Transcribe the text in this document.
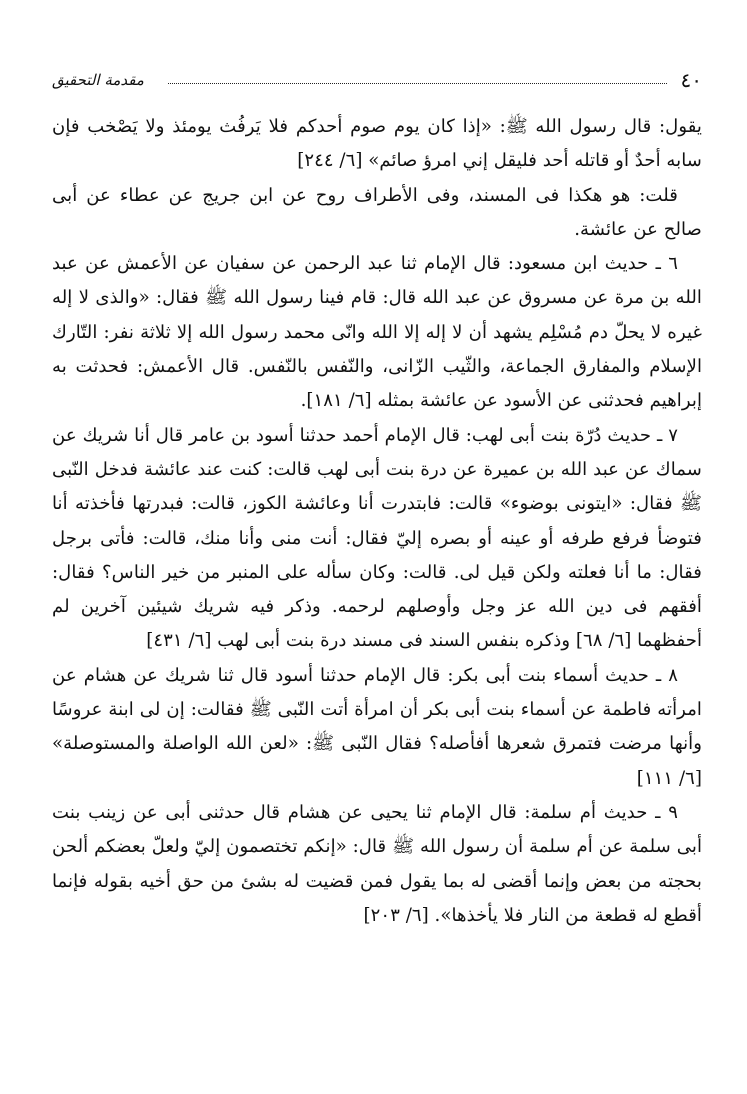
٤٠
مقدمة التحقيق

يقول: قال رسول الله ﷺ: «إذا كان يوم صوم أحدكم فلا يَرفُث يومئذ ولا يَصْخب فإن سابه أحدٌ أو قاتله أحد فليقل إني امرؤ صائم» [٦/ ٢٤٤]

قلت: هو هكذا فى المسند، وفى الأطراف روح عن ابن جريج عن عطاء عن أبى صالح عن عائشة.

٦ ـ حديث ابن مسعود: قال الإمام ثنا عبد الرحمن عن سفيان عن الأعمش عن عبد الله بن مرة عن مسروق عن عبد الله قال: قام فينا رسول الله ﷺ فقال: «والذى لا إله غيره لا يحلّ دم مُسْلِم يشهد أن لا إله إلا الله وانّى محمد رسول الله إلا ثلاثة نفر: التّارك الإسلام والمفارق الجماعة، والثّيب الزّانى، والنّفس بالنّفس. قال الأعمش: فحدثت به إبراهيم فحدثنى عن الأسود عن عائشة بمثله [٦/ ١٨١].

٧ ـ حديث دُرّة بنت أبى لهب: قال الإمام أحمد حدثنا أسود بن عامر قال أنا شريك عن سماك عن عبد الله بن عميرة عن درة بنت أبى لهب قالت: كنت عند عائشة فدخل النّبى ﷺ فقال: «ايتونى بوضوء» قالت: فابتدرت أنا وعائشة الكوز، قالت: فبدرتها فأخذته أنا فتوضأ فرفع طرفه أو عينه أو بصره إليّ فقال: أنت منى وأنا منك، قالت: فأتى برجل فقال: ما أنا فعلته ولكن قيل لى. قالت: وكان سأله على المنبر من خير الناس؟ فقال: أفقهم فى دين الله عز وجل وأوصلهم لرحمه. وذكر فيه شريك شيئين آخرين لم أحفظهما [٦/ ٦٨] وذكره بنفس السند فى مسند درة بنت أبى لهب [٦/ ٤٣١]

٨ ـ حديث أسماء بنت أبى بكر: قال الإمام حدثنا أسود قال ثنا شريك عن هشام عن امرأته فاطمة عن أسماء بنت أبى بكر أن امرأة أتت النّبى ﷺ فقالت: إن لى ابنة عروسًا وأنها مرضت فتمرق شعرها أفأصله؟ فقال النّبى ﷺ: «لعن الله الواصلة والمستوصلة» [٦/ ١١١]

٩ ـ حديث أم سلمة: قال الإمام ثنا يحيى عن هشام قال حدثنى أبى عن زينب بنت أبى سلمة عن أم سلمة أن رسول الله ﷺ قال: «إنكم تختصمون إليّ ولعلّ بعضكم ألحن بحجته من بعض وإنما أقضى له بما يقول فمن قضيت له بشئ من حق أخيه بقوله فإنما أقطع له قطعة من النار فلا يأخذها». [٦/ ٢٠٣]
